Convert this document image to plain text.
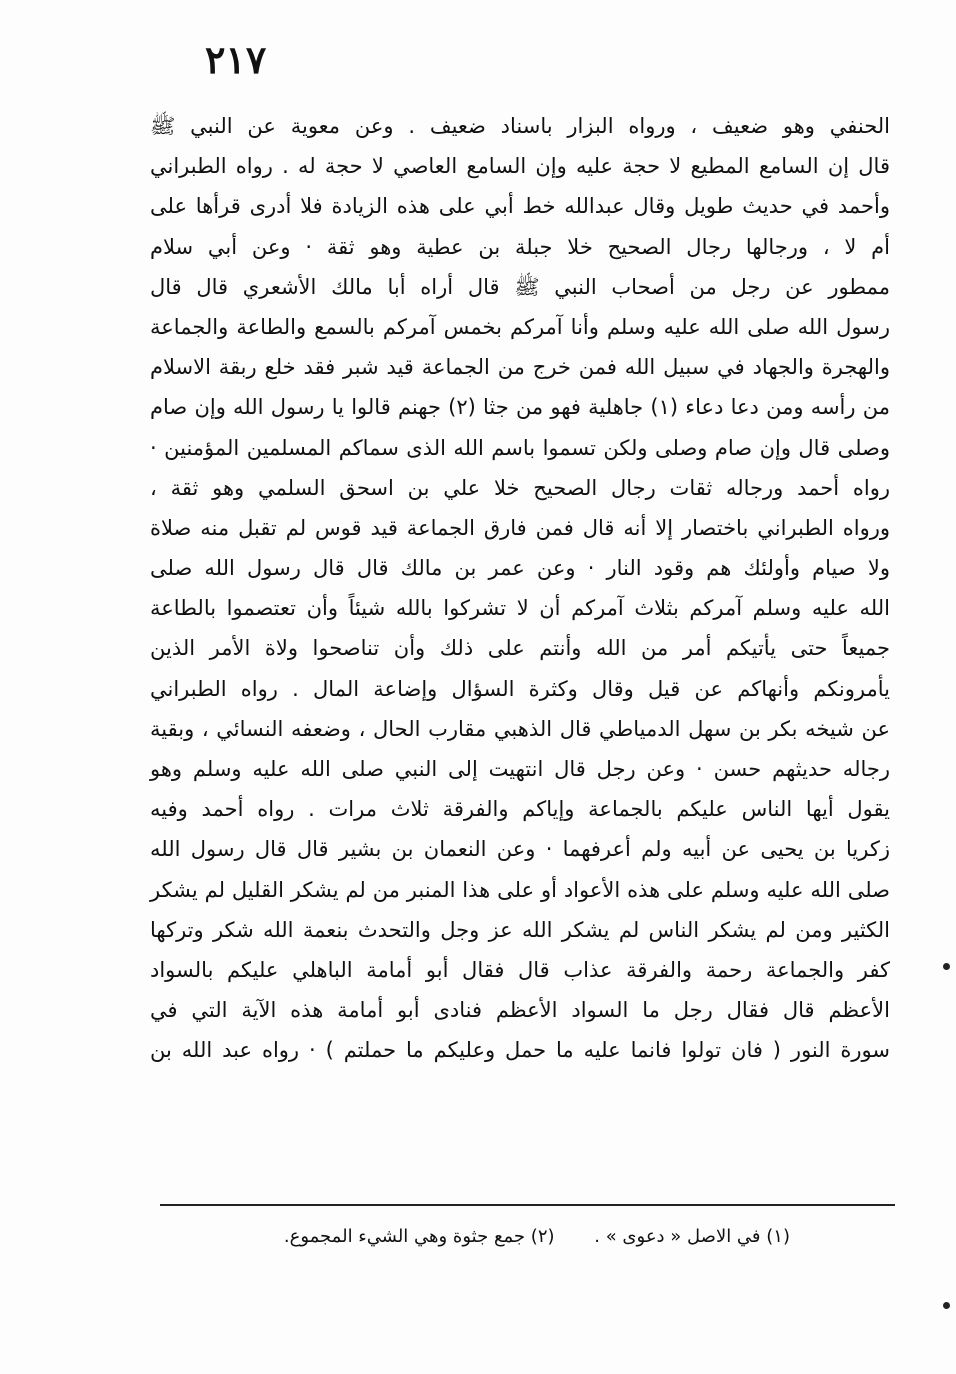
٢١٧
الحنفي وهو ضعيف ، ورواه البزار باسناد ضعيف . وعن معوية عن النبي ﷺ
قال إن السامع المطيع لا حجة عليه وإن السامع العاصي لا حجة له . رواه الطبراني
وأحمد في حديث طويل وقال عبدالله خط أبي على هذه الزيادة فلا أدرى قرأها على
أم لا ، ورجالها رجال الصحيح خلا جبلة بن عطية وهو ثقة · وعن أبي سلام
ممطور عن رجل من أصحاب النبي ﷺ قال أراه أبا مالك الأشعري قال قال
رسول الله صلى الله عليه وسلم وأنا آمركم بخمس آمركم بالسمع والطاعة والجماعة
والهجرة والجهاد في سبيل الله فمن خرج من الجماعة قيد شبر فقد خلع ربقة الاسلام
من رأسه ومن دعا دعاء (١) جاهلية فهو من جثا (٢) جهنم قالوا يا رسول الله وإن صام
وصلى قال وإن صام وصلى ولكن تسموا باسم الله الذى سماكم المسلمين المؤمنين ·
رواه أحمد ورجاله ثقات رجال الصحيح خلا علي بن اسحق السلمي وهو ثقة ،
ورواه الطبراني باختصار إلا أنه قال فمن فارق الجماعة قيد قوس لم تقبل منه صلاة
ولا صيام وأولئك هم وقود النار · وعن عمر بن مالك قال قال رسول الله صلى
الله عليه وسلم آمركم بثلاث آمركم أن لا تشركوا بالله شيئاً وأن تعتصموا بالطاعة
جميعاً حتى يأتيكم أمر من الله وأنتم على ذلك وأن تناصحوا ولاة الأمر الذين
يأمرونكم وأنهاكم عن قيل وقال وكثرة السؤال وإضاعة المال . رواه الطبراني
عن شيخه بكر بن سهل الدمياطي قال الذهبي مقارب الحال ، وضعفه النسائي ، وبقية
رجاله حديثهم حسن · وعن رجل قال انتهيت إلى النبي صلى الله عليه وسلم وهو
يقول أيها الناس عليكم بالجماعة وإياكم والفرقة ثلاث مرات . رواه أحمد وفيه
زكريا بن يحيى عن أبيه ولم أعرفهما · وعن النعمان بن بشير قال قال رسول الله
صلى الله عليه وسلم على هذه الأعواد أو على هذا المنبر من لم يشكر القليل لم يشكر
الكثير ومن لم يشكر الناس لم يشكر الله عز وجل والتحدث بنعمة الله شكر وتركها
كفر والجماعة رحمة والفرقة عذاب قال فقال أبو أمامة الباهلي عليكم بالسواد
الأعظم قال فقال رجل ما السواد الأعظم فنادى أبو أمامة هذه الآية التي في
سورة النور ( فان تولوا فانما عليه ما حمل وعليكم ما حملتم ) · رواه عبد الله بن
(١) في الاصل « دعوى » . (٢) جمع جثوة وهي الشيء المجموع.
